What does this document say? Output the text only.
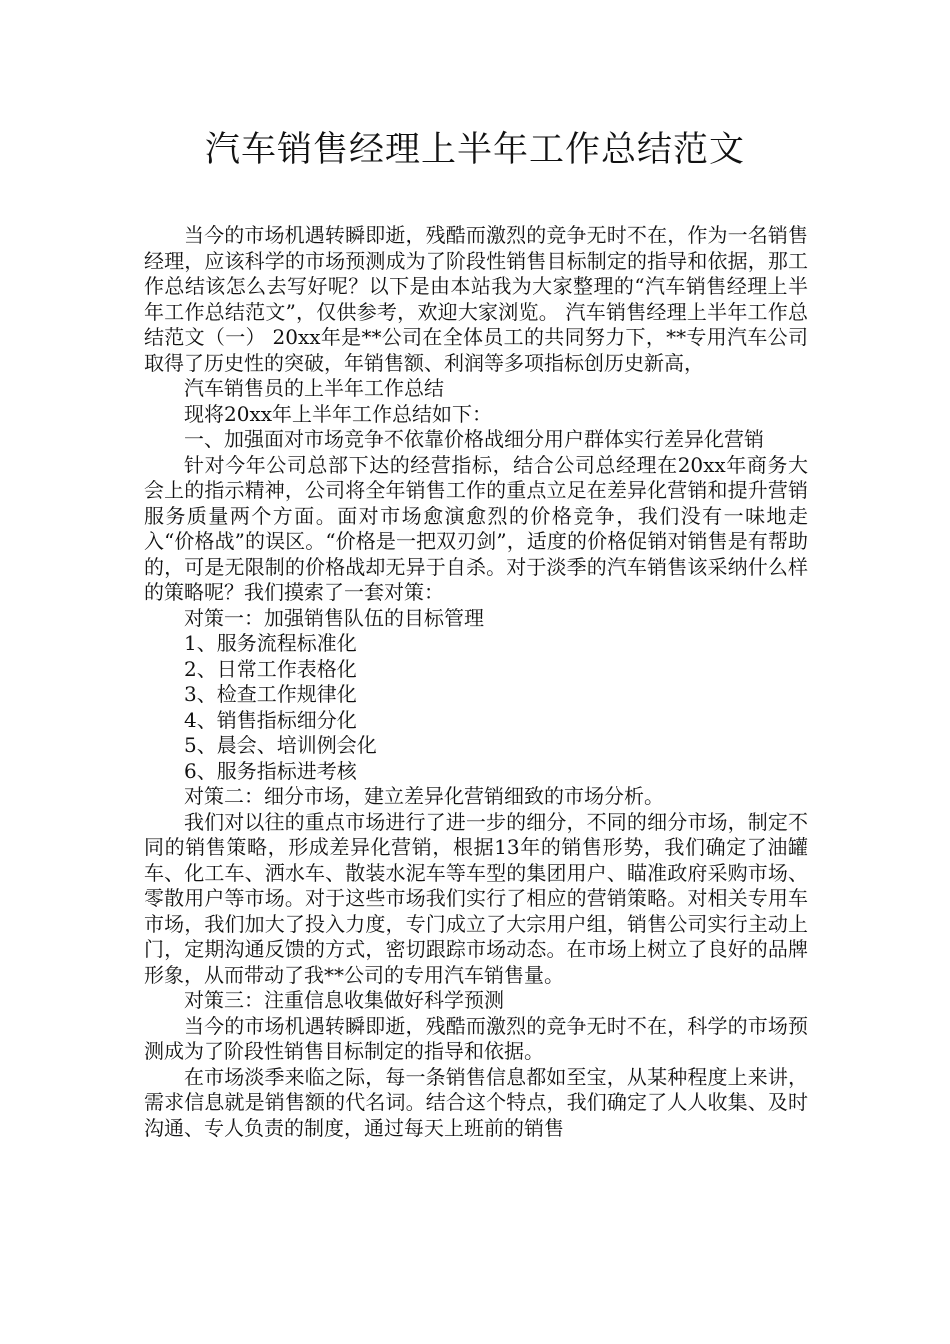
汽车销售经理上半年工作总结范文

当今的市场机遇转瞬即逝，残酷而激烈的竞争无时不在，作为一名销售经理，应该科学的市场预测成为了阶段性销售目标制定的指导和依据，那工作总结该怎么去写好呢？以下是由本站我为大家整理的“汽车销售经理上半年工作总结范文”，仅供参考，欢迎大家浏览。 汽车销售经理上半年工作总结范文（一） 20xx年是**公司在全体员工的共同努力下，**专用汽车公司取得了历史性的突破，年销售额、利润等多项指标创历史新高，

汽车销售员的上半年工作总结

现将20xx年上半年工作总结如下：

一、加强面对市场竞争不依靠价格战细分用户群体实行差异化营销

针对今年公司总部下达的经营指标，结合公司总经理在20xx年商务大会上的指示精神，公司将全年销售工作的重点立足在差异化营销和提升营销服务质量两个方面。面对市场愈演愈烈的价格竞争，我们没有一味地走入“价格战”的误区。“价格是一把双刃剑”，适度的价格促销对销售是有帮助的，可是无限制的价格战却无异于自杀。对于淡季的汽车销售该采纳什么样的策略呢？我们摸索了一套对策：

对策一：加强销售队伍的目标管理

1、服务流程标准化

2、日常工作表格化

3、检查工作规律化

4、销售指标细分化

5、晨会、培训例会化

6、服务指标进考核

对策二：细分市场，建立差异化营销细致的市场分析。

我们对以往的重点市场进行了进一步的细分，不同的细分市场，制定不同的销售策略，形成差异化营销，根据13年的销售形势，我们确定了油罐车、化工车、洒水车、散装水泥车等车型的集团用户、瞄准政府采购市场、零散用户等市场。对于这些市场我们实行了相应的营销策略。对相关专用车市场，我们加大了投入力度，专门成立了大宗用户组，销售公司实行主动上门，定期沟通反馈的方式，密切跟踪市场动态。在市场上树立了良好的品牌形象，从而带动了我**公司的专用汽车销售量。

对策三：注重信息收集做好科学预测

当今的市场机遇转瞬即逝，残酷而激烈的竞争无时不在，科学的市场预测成为了阶段性销售目标制定的指导和依据。

在市场淡季来临之际，每一条销售信息都如至宝，从某种程度上来讲，需求信息就是销售额的代名词。结合这个特点，我们确定了人人收集、及时沟通、专人负责的制度，通过每天上班前的销售
